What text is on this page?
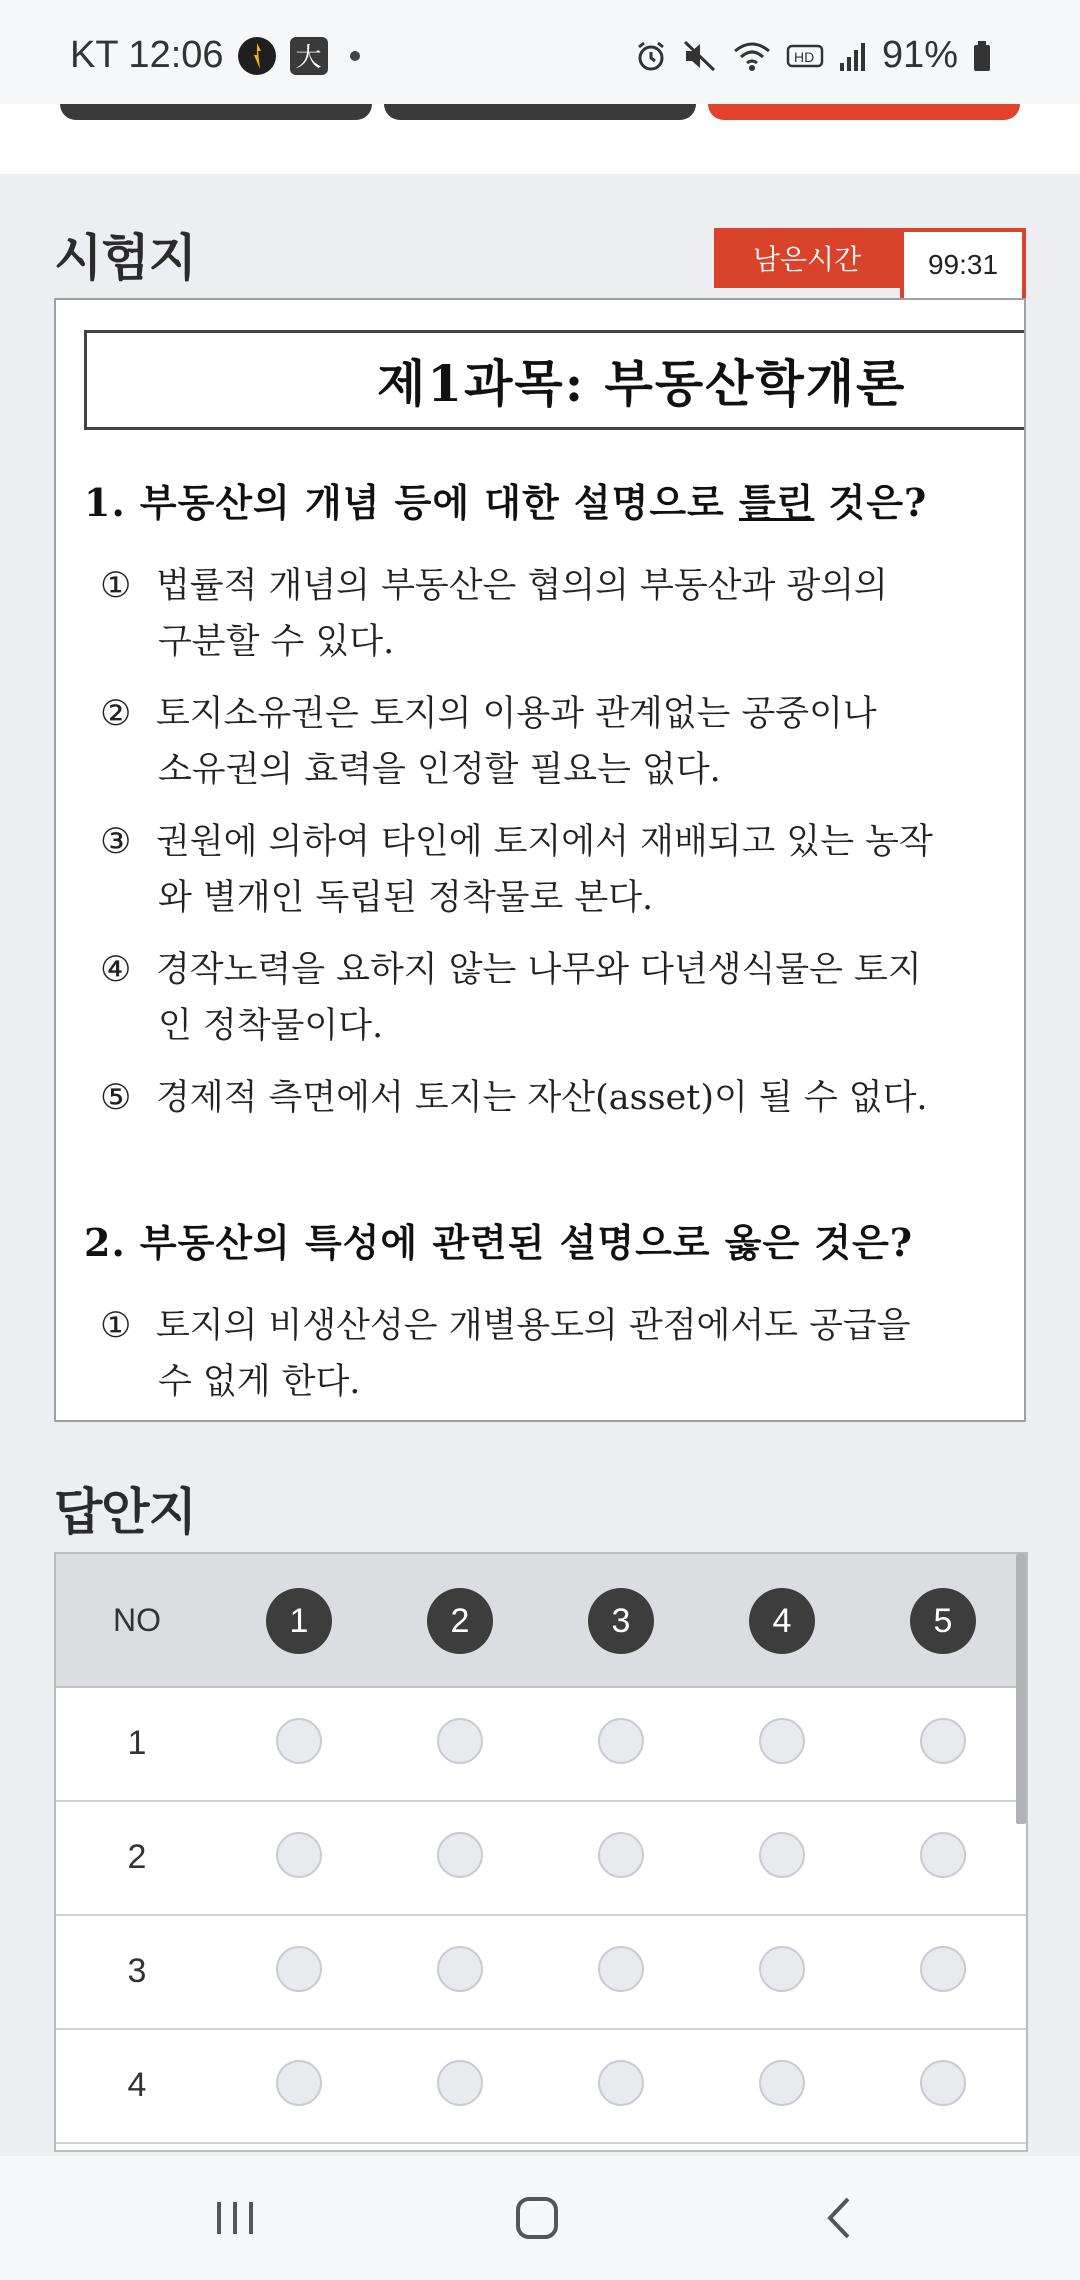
KT 12:06	大	HD 91%
시험지	남은시간	99:31
제1과목: 부동산학개론
1. 부동산의 개념 등에 대한 설명으로 틀린 것은?
① 법률적 개념의 부동산은 협의의 부동산과 광의의
구분할 수 있다.
② 토지소유권은 토지의 이용과 관계없는 공중이나
소유권의 효력을 인정할 필요는 없다.
③ 권원에 의하여 타인에 토지에서 재배되고 있는 농작
와 별개인 독립된 정착물로 본다.
④ 경작노력을 요하지 않는 나무와 다년생식물은 토지
인 정착물이다.
⑤ 경제적 측면에서 토지는 자산(asset)이 될 수 없다.
2. 부동산의 특성에 관련된 설명으로 옳은 것은?
① 토지의 비생산성은 개별용도의 관점에서도 공급을
수 없게 한다.
답안지
NO	1	2	3	4	5
1
2
3
4
